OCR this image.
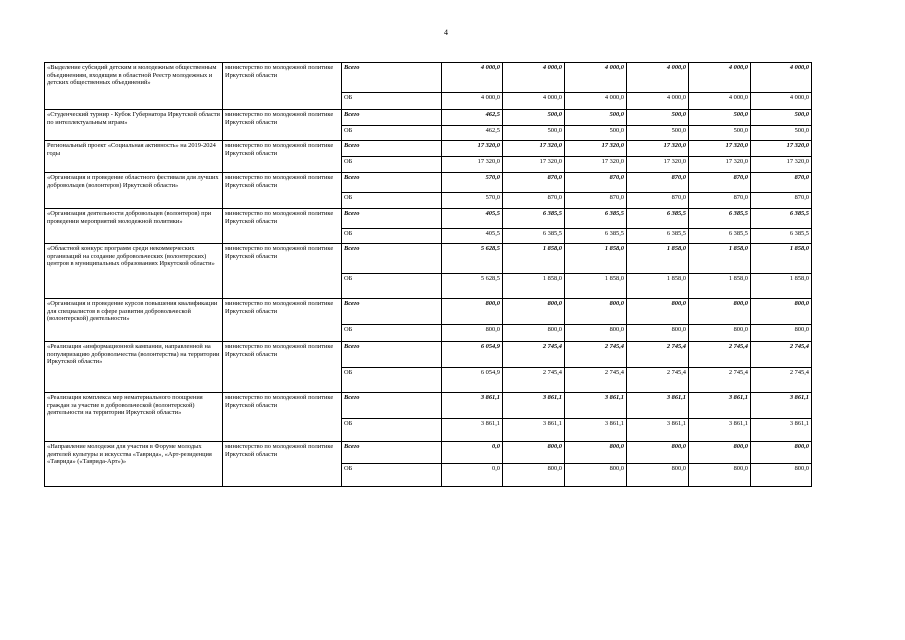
4
«Выделение субсидий детским и молодежным общественным объединениям, входящим в областной Реестр молодежных и детских общественных объединений»	министерство по молодежной политике Иркутской области	Всего	4 000,0	4 000,0	4 000,0	4 000,0	4 000,0	4 000,0
		ОБ	4 000,0	4 000,0	4 000,0	4 000,0	4 000,0	4 000,0
«Студенческий турнир - Кубок Губернатора Иркутской области по интеллектуальным играм»	министерство по молодежной политике Иркутской области	Всего	462,5	500,0	500,0	500,0	500,0	500,0
		ОБ	462,5	500,0	500,0	500,0	500,0	500,0
Региональный проект «Социальная активность» на 2019-2024 годы	министерство по молодежной политике Иркутской области	Всего	17 320,0	17 320,0	17 320,0	17 320,0	17 320,0	17 320,0
		ОБ	17 320,0	17 320,0	17 320,0	17 320,0	17 320,0	17 320,0
«Организация и проведение областного фестиваля для лучших добровольцев (волонтеров) Иркутской области»	министерство по молодежной политике Иркутской области	Всего	570,0	870,0	870,0	870,0	870,0	870,0
		ОБ	570,0	870,0	870,0	870,0	870,0	870,0
«Организация деятельности добровольцев (волонтеров) при проведении мероприятий молодежной политики»	министерство по молодежной политике Иркутской области	Всего	405,5	6 385,5	6 385,5	6 385,5	6 385,5	6 385,5
		ОБ	405,5	6 385,5	6 385,5	6 385,5	6 385,5	6 385,5
«Областной конкурс программ среди некоммерческих организаций на создание добровольческих (волонтерских) центров в муниципальных образованиях Иркутской области»	министерство по молодежной политике Иркутской области	Всего	5 628,5	1 858,0	1 858,0	1 858,0	1 858,0	1 858,0
		ОБ	5 628,5	1 858,0	1 858,0	1 858,0	1 858,0	1 858,0
«Организация и проведение курсов повышения квалификации для специалистов в сфере развития добровольческой (волонтерской) деятельности»	министерство по молодежной политике Иркутской области	Всего	800,0	800,0	800,0	800,0	800,0	800,0
		ОБ	800,0	800,0	800,0	800,0	800,0	800,0
«Реализация «информационной кампании, направленной на популяризацию добровольчества (волонтерства) на территории Иркутской области»	министерство по молодежной политике Иркутской области	Всего	6 054,9	2 745,4	2 745,4	2 745,4	2 745,4	2 745,4
		ОБ	6 054,9	2 745,4	2 745,4	2 745,4	2 745,4	2 745,4
«Реализация комплекса мер нематериального поощрения граждан за участие в добровольческой (волонтерской) деятельности на территории Иркутской области»	министерство по молодежной политике Иркутской области	Всего	3 861,1	3 861,1	3 861,1	3 861,1	3 861,1	3 861,1
		ОБ	3 861,1	3 861,1	3 861,1	3 861,1	3 861,1	3 861,1
«Направление молодежи для участия в Форуме молодых деятелей культуры и искусства «Таврида», «Арт-резиденция «Таврида» («Таврида-Арт»)»	министерство по молодежной политике Иркутской области	Всего	0,0	800,0	800,0	800,0	800,0	800,0
		ОБ	0,0	800,0	800,0	800,0	800,0	800,0
